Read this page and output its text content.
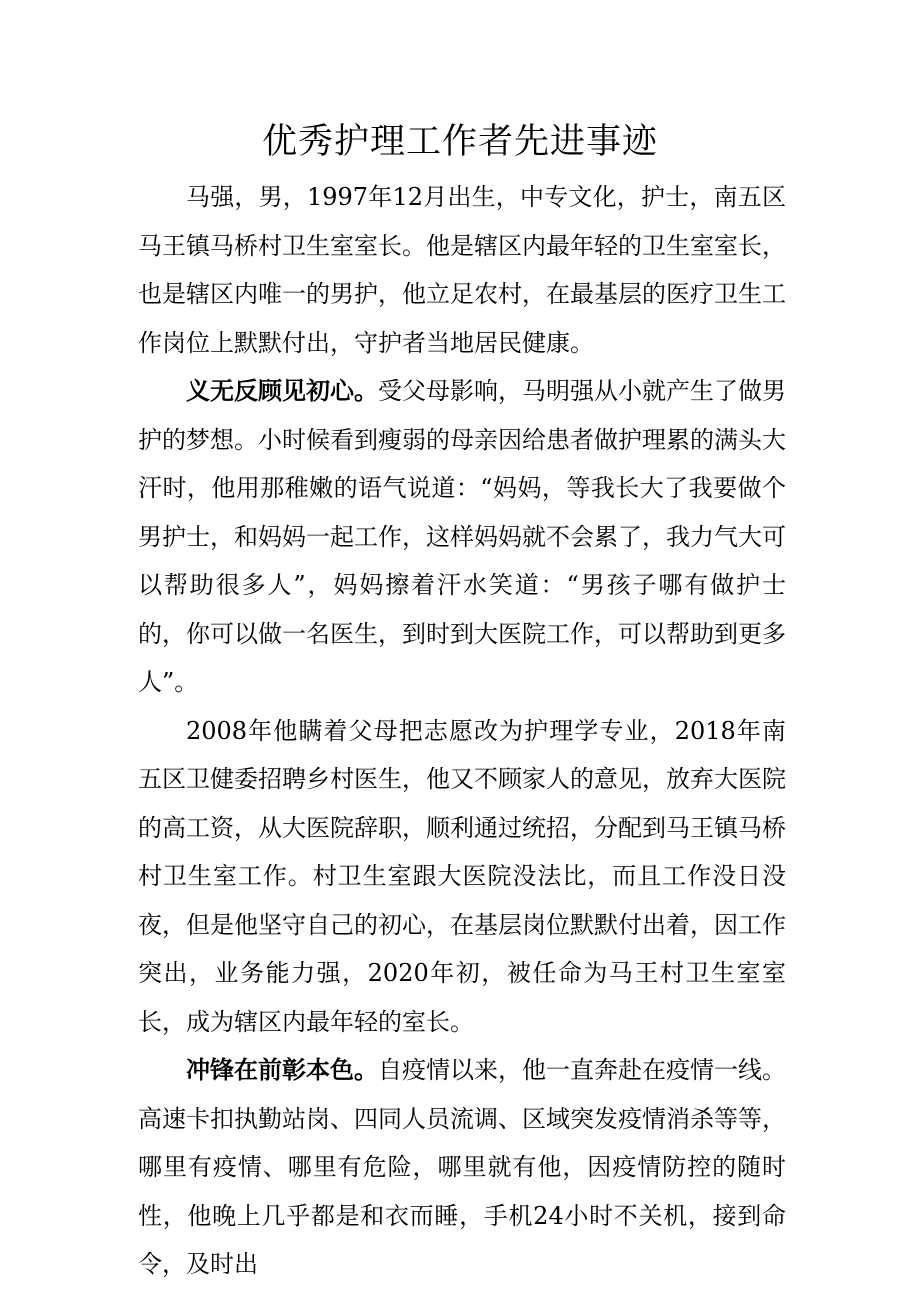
优秀护理工作者先进事迹

马强，男，1997年12月出生，中专文化，护士，南五区马王镇马桥村卫生室室长。他是辖区内最年轻的卫生室室长，也是辖区内唯一的男护，他立足农村，在最基层的医疗卫生工作岗位上默默付出，守护者当地居民健康。

义无反顾见初心。受父母影响，马明强从小就产生了做男护的梦想。小时候看到瘦弱的母亲因给患者做护理累的满头大汗时，他用那稚嫩的语气说道：“妈妈，等我长大了我要做个男护士，和妈妈一起工作，这样妈妈就不会累了，我力气大可以帮助很多人”，妈妈擦着汗水笑道：“男孩子哪有做护士的，你可以做一名医生，到时到大医院工作，可以帮助到更多人”。

2008年他瞒着父母把志愿改为护理学专业，2018年南五区卫健委招聘乡村医生，他又不顾家人的意见，放弃大医院的高工资，从大医院辞职，顺利通过统招，分配到马王镇马桥村卫生室工作。村卫生室跟大医院没法比，而且工作没日没夜，但是他坚守自己的初心，在基层岗位默默付出着，因工作突出，业务能力强，2020年初，被任命为马王村卫生室室长，成为辖区内最年轻的室长。

冲锋在前彰本色。自疫情以来，他一直奔赴在疫情一线。高速卡扣执勤站岗、四同人员流调、区域突发疫情消杀等等，哪里有疫情、哪里有危险，哪里就有他，因疫情防控的随时性，他晚上几乎都是和衣而睡，手机24小时不关机，接到命令，及时出
